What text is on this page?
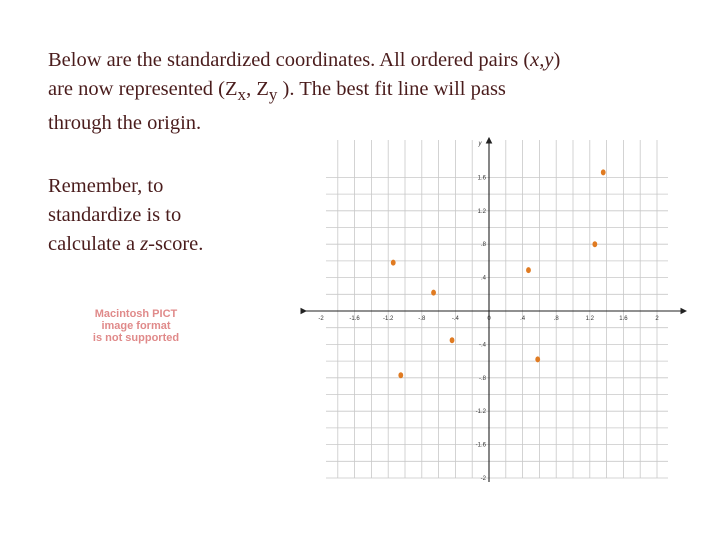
Below are the standardized coordinates. All ordered pairs (x,y)
are now represented ($Z_x$, $Z_y$ ). The best fit line will pass
through the origin.
Remember, to
standardize is to
calculate a z-score.
Macintosh PICT
image format
is not supported
-2	-1.6	-1.2	-.8	-.4	0	.4	.8	1.2	1.6	2
1.6
1.2
.8
.4
-.4
-.8
-1.2
-1.6
-2
y
